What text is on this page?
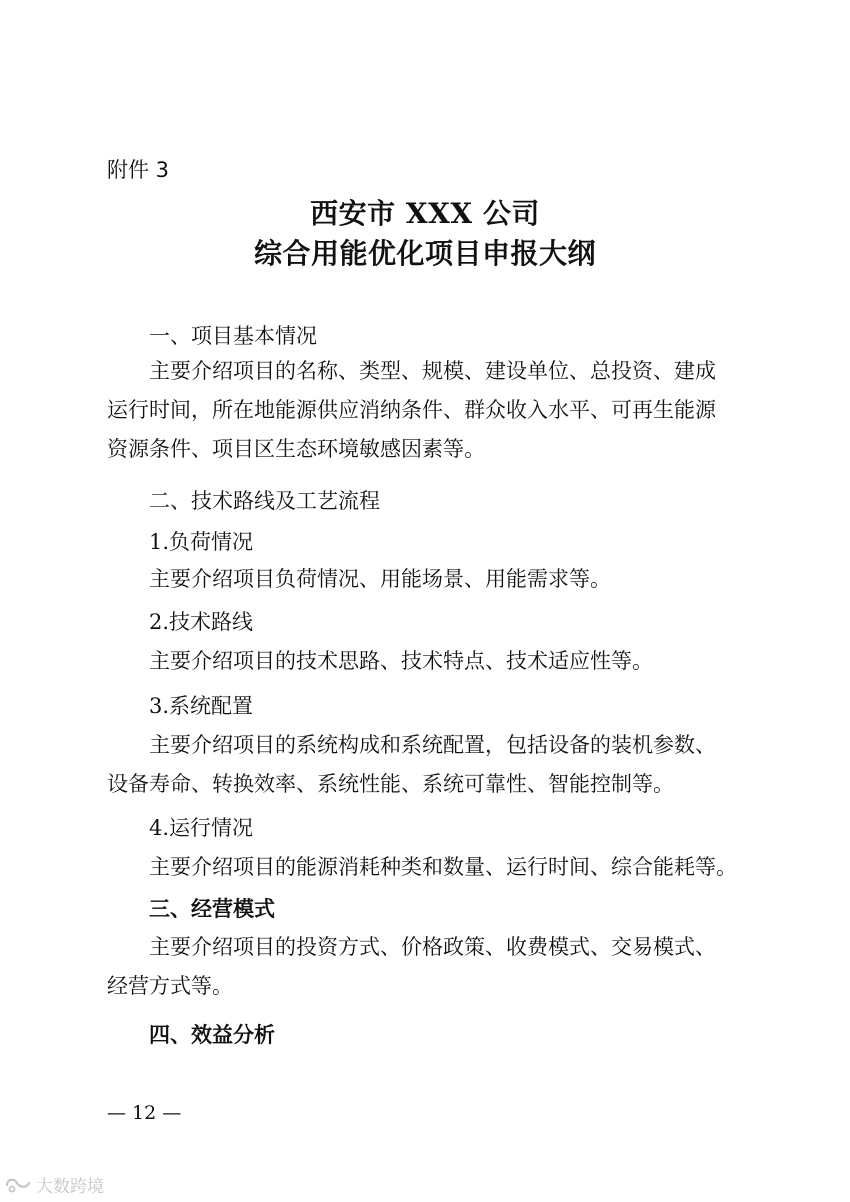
附件 3
西安市 XXX 公司
综合用能优化项目申报大纲
一、项目基本情况
主要介绍项目的名称、类型、规模、建设单位、总投资、建成
运行时间，所在地能源供应消纳条件、群众收入水平、可再生能源
资源条件、项目区生态环境敏感因素等。
二、技术路线及工艺流程
1.负荷情况
主要介绍项目负荷情况、用能场景、用能需求等。
2.技术路线
主要介绍项目的技术思路、技术特点、技术适应性等。
3.系统配置
主要介绍项目的系统构成和系统配置，包括设备的装机参数、
设备寿命、转换效率、系统性能、系统可靠性、智能控制等。
4.运行情况
主要介绍项目的能源消耗种类和数量、运行时间、综合能耗等。
三、经营模式
主要介绍项目的投资方式、价格政策、收费模式、交易模式、
经营方式等。
四、效益分析
— 12 —
大数跨境
